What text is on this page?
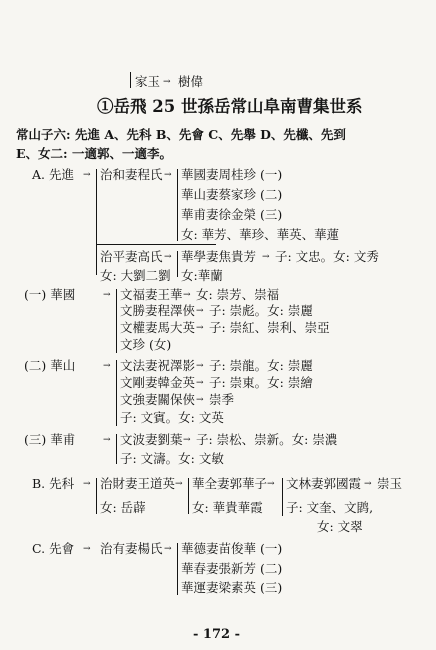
家玉 → 樹偉
①岳飛 25 世孫岳常山阜南曹集世系
常山子六: 先進 A、先科 B、先會 C、先舉 D、先櫼、先到
E、女二: 一適郭、一適李。
A. 先進 → 治和妻程氏 → 華國妻周桂珍 (一)
華山妻蔡家珍 (二)
華甫妻徐金榮 (三)
女: 華芳、華珍、華英、華蓮
治平妻高氏 → 華學妻焦貴芳 → 子: 文忠。女: 文秀
女: 大劉二劉 女:華蘭
(一) 華國	→ 文福妻王華 → 女: 崇芳、崇福
文勝妻程澤俠 → 子: 崇彪。女: 崇麗
文權妻馬大英 → 子: 崇紅、崇利、崇亞
文珍 (女)
(二) 華山	→ 文法妻祝澤影 → 子: 崇龍。女: 崇麗
文剛妻韓金英 → 子: 崇東。女: 崇繪
文強妻關保俠 → 崇季
子: 文賓。女: 文英
(三) 華甫	→ 文波妻劉葉 → 子: 崇松、崇新。女: 崇濃
子: 文濤。女: 文敏
B. 先科 → 治財妻王道英 → 華全妻郭華子 → 文林妻郭國霞 → 崇玉
女: 岳薜	女: 華貴華霞 子: 文奎、文鹍,
女: 文翠
C. 先會 → 治有妻楊氏 → 華德妻苗俊華 (一)
華春妻張新芳 (二)
華運妻梁素英 (三)
- 172 -
